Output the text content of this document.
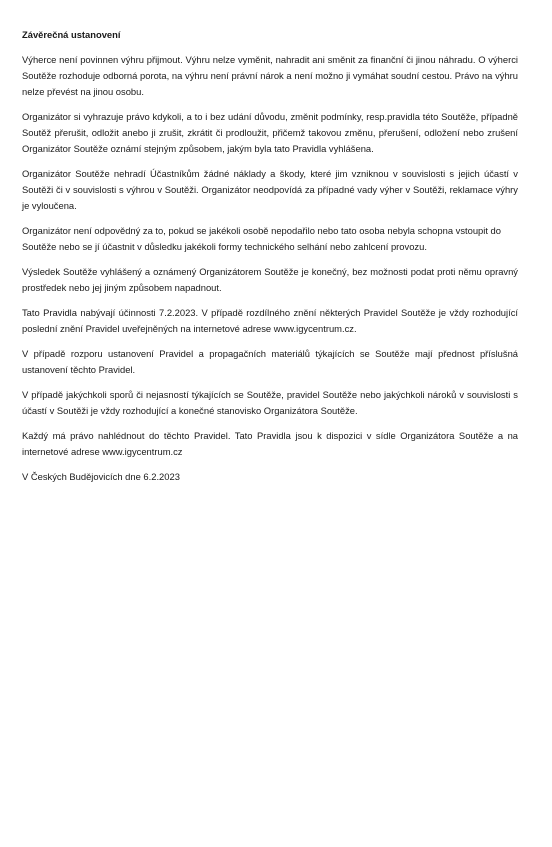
Závěrečná ustanovení

Výherce není povinnen výhru přijmout. Výhru nelze vyměnit, nahradit ani směnit za finanční či jinou náhradu. O výherci Soutěže rozhoduje odborná porota, na výhru není právní nárok a není možno ji vymáhat soudní cestou. Právo na výhru nelze převést na jinou osobu.

Organizátor si vyhrazuje právo kdykoli, a to i bez udání důvodu, změnit podmínky, resp.pravidla této Soutěže, případně Soutěž přerušit, odložit anebo ji zrušit, zkrátit či prodloužit, přičemž takovou změnu, přerušení, odložení nebo zrušení Organizátor Soutěže oznámí stejným způsobem, jakým byla tato Pravidla vyhlášena.

Organizátor Soutěže nehradí Účastníkům žádné náklady a škody, které jim vzniknou v souvislosti s jejich účastí v Soutěži či v souvislosti s výhrou v Soutěži. Organizátor neodpovídá za případné vady výher v Soutěži, reklamace výhry je vyloučena.

Organizátor není odpovědný za to, pokud se jakékoli osobě nepodařilo nebo tato osoba nebyla schopna vstoupit do Soutěže nebo se jí účastnit v důsledku jakékoli formy technického selhání nebo zahlcení provozu.

Výsledek Soutěže vyhlášený a oznámený Organizátorem Soutěže je konečný, bez možnosti podat proti němu opravný prostředek nebo jej jiným způsobem napadnout.

Tato Pravidla nabývají účinnosti 7.2.2023. V případě rozdílného znění některých Pravidel Soutěže je vždy rozhodující poslední znění Pravidel uveřejněných na internetové adrese www.igycentrum.cz.

V případě rozporu ustanovení Pravidel a propagačních materiálů týkajících se Soutěže mají přednost příslušná ustanovení těchto Pravidel.

V případě jakýchkoli sporů či nejasností týkajících se Soutěže, pravidel Soutěže nebo jakýchkoli nároků v souvislosti s účastí v Soutěži je vždy rozhodující a konečné stanovisko Organizátora Soutěže.

Každý má právo nahlédnout do těchto Pravidel. Tato Pravidla jsou k dispozici v sídle Organizátora Soutěže a na internetové adrese www.igycentrum.cz

V Českých Budějovicích dne 6.2.2023
